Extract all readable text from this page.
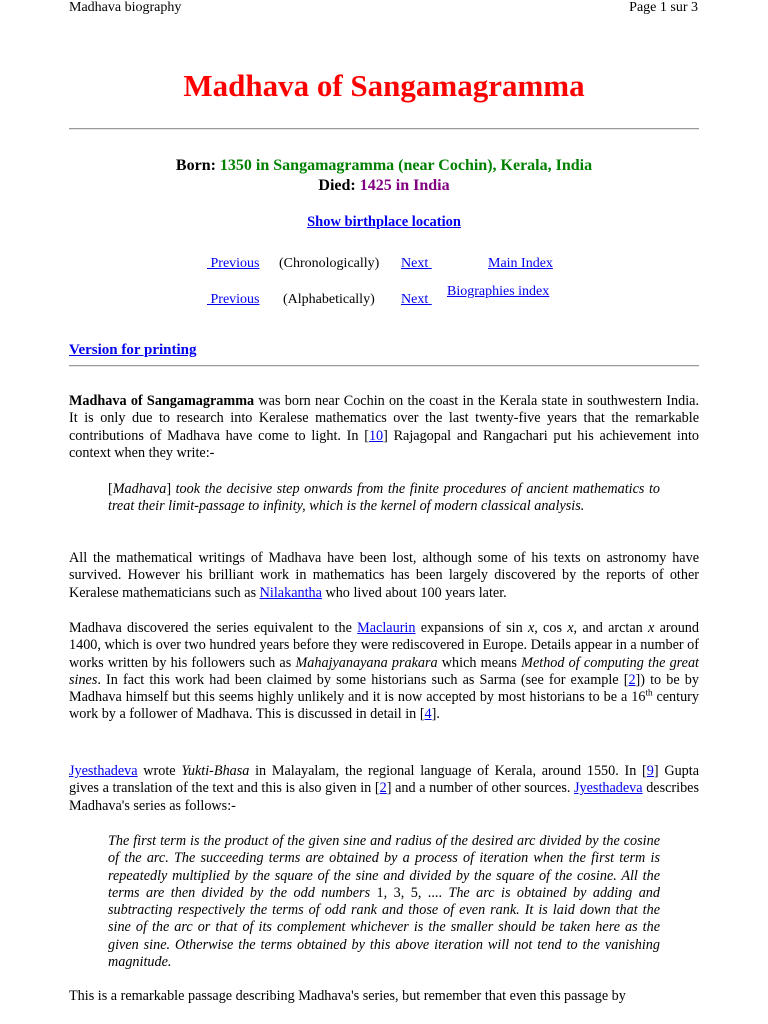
Madhava biography	Page 1 sur 3
Madhava of Sangamagramma
Born: 1350 in Sangamagramma (near Cochin), Kerala, India
Died: 1425 in India
Show birthplace location
Previous (Chronologically) Next	Main Index
Previous (Alphabetically) Next
Biographies index
Version for printing
Madhava of Sangamagramma was born near Cochin on the coast in the Kerala state in southwestern India. It is only due to research into Keralese mathematics over the last twenty-five years that the remarkable contributions of Madhava have come to light. In [10] Rajagopal and Rangachari put his achievement into context when they write:-
[Madhava] took the decisive step onwards from the finite procedures of ancient mathematics to treat their limit-passage to infinity, which is the kernel of modern classical analysis.
All the mathematical writings of Madhava have been lost, although some of his texts on astronomy have survived. However his brilliant work in mathematics has been largely discovered by the reports of other Keralese mathematicians such as Nilakantha who lived about 100 years later.
Madhava discovered the series equivalent to the Maclaurin expansions of sin x, cos x, and arctan x around 1400, which is over two hundred years before they were rediscovered in Europe. Details appear in a number of works written by his followers such as Mahajyanayana prakara which means Method of computing the great sines. In fact this work had been claimed by some historians such as Sarma (see for example [2]) to be by Madhava himself but this seems highly unlikely and it is now accepted by most historians to be a 16th century work by a follower of Madhava. This is discussed in detail in [4].
Jyesthadeva wrote Yukti-Bhasa in Malayalam, the regional language of Kerala, around 1550. In [9] Gupta gives a translation of the text and this is also given in [2] and a number of other sources. Jyesthadeva describes Madhava's series as follows:-
The first term is the product of the given sine and radius of the desired arc divided by the cosine of the arc. The succeeding terms are obtained by a process of iteration when the first term is repeatedly multiplied by the square of the sine and divided by the square of the cosine. All the terms are then divided by the odd numbers 1, 3, 5, .... The arc is obtained by adding and subtracting respectively the terms of odd rank and those of even rank. It is laid down that the sine of the arc or that of its complement whichever is the smaller should be taken here as the given sine. Otherwise the terms obtained by this above iteration will not tend to the vanishing magnitude.
This is a remarkable passage describing Madhava's series, but remember that even this passage by
